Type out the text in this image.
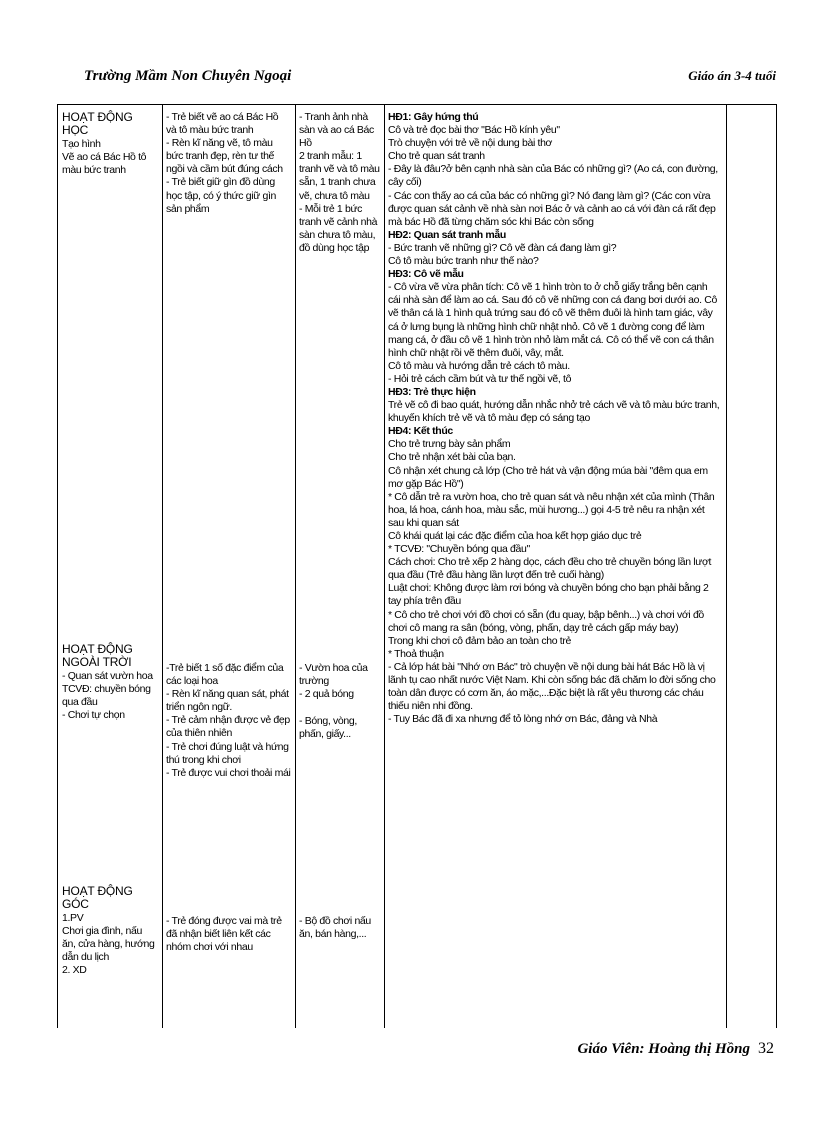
Trường Mầm Non Chuyên Ngoại	Giáo án 3-4 tuổi

HOẠT ĐỘNG HỌC

Tạo hình

Vẽ ao cá Bác Hồ tô màu bức tranh

HOẠT ĐỘNG NGOÀI TRỜI

- Quan sát vườn hoa

TCVĐ: chuyền bóng qua đầu

- Chơi tự chọn

HOẠT ĐỘNG GÓC

1.PV

Chơi gia đình, nấu ăn, cửa hàng, hướng dẫn du lịch

2. XD

- Trẻ biết vẽ ao cá Bác Hồ và tô màu bức tranh

- Rèn kĩ năng vẽ, tô màu bức tranh đẹp, rèn tư thế ngồi và cầm bút đúng cách

- Trẻ biết giữ gìn đồ dùng học tập, có ý thức giữ gìn sản phẩm

-Trẻ biết 1 số đặc điểm của các loại hoa

- Rèn kĩ năng quan sát, phát triển ngôn ngữ.

- Trẻ cảm nhận được vẻ đẹp của thiên nhiên

- Trẻ chơi đúng luật và hứng thú trong khi chơi

- Trẻ được vui chơi thoải mái

- Trẻ đóng được vai mà trẻ đã nhận biết liên kết các nhóm chơi với nhau

- Tranh ảnh nhà sàn và ao cá Bác Hồ

2 tranh mẫu: 1 tranh vẽ và tô màu sẵn, 1 tranh chưa vẽ, chưa tô màu

- Mỗi trẻ 1 bức tranh vẽ cảnh nhà sàn chưa tô màu, đồ dùng học tập

- Vườn hoa của trường

- 2 quả bóng

- Bóng, vòng, phấn, giấy...

- Bộ đồ chơi nấu ăn, bán hàng,...

HĐ1: Gây hứng thú

Cô và trẻ đọc bài thơ "Bác Hồ kính yêu"

Trò chuyện với trẻ về nội dung bài thơ

Cho trẻ quan sát tranh

- Đây là đâu?ở bên cạnh nhà sàn của Bác có những gì? (Ao cá, con đường, cây cối)

- Các con thấy ao cá của bác có những gì? Nó đang làm gì? (Các con vừa được quan sát cảnh về nhà sàn nơi Bác ở và cảnh ao cá với đàn cá rất đẹp mà bác Hồ đã từng chăm sóc khi Bác còn sống

HĐ2: Quan sát tranh mẫu

- Bức tranh vẽ những gì? Cô vẽ đàn cá đang làm gì?

Cô tô màu bức tranh như thế nào?

HĐ3: Cô vẽ mẫu

- Cô vừa vẽ vừa phân tích: Cô vẽ 1 hình tròn to ở chỗ giấy trắng bên cạnh cái nhà sàn để làm ao cá. Sau đó cô vẽ những con cá đang bơi dưới ao. Cô vẽ thân cá là 1 hình quả trứng sau đó cô vẽ thêm đuôi là hình tam giác, vây cá ở lưng bụng là những hình chữ nhật nhỏ. Cô vẽ 1 đường cong để làm mang cá, ở đầu cô vẽ 1 hình tròn nhỏ làm mắt cá. Cô có thể vẽ con cá thân hình chữ nhật rồi vẽ thêm đuôi, vây, mắt.

Cô tô màu và hướng dẫn trẻ cách tô màu.

- Hỏi trẻ cách cầm bút và tư thế ngồi vẽ, tô

HĐ3: Trẻ thực hiện

Trẻ vẽ cô đi bao quát, hướng dẫn nhắc nhở trẻ cách vẽ và tô màu bức tranh, khuyến khích trẻ vẽ và tô màu đẹp có sáng tạo

HĐ4: Kết thúc

Cho trẻ trưng bày sản phẩm

Cho trẻ nhận xét bài của bạn.

Cô nhận xét chung cả lớp (Cho trẻ hát và vận động múa bài "đêm qua em mơ gặp Bác Hồ")

* Cô dẫn trẻ ra vườn hoa, cho trẻ quan sát và nêu nhận xét của mình (Thân hoa, lá hoa, cánh hoa, màu sắc, mùi hương...) gọi 4-5 trẻ nêu ra nhận xét sau khi quan sát

Cô khái quát lại các đặc điểm của hoa kết hợp giáo dục trẻ

* TCVĐ: "Chuyền bóng qua đầu"

Cách chơi: Cho trẻ xếp 2 hàng dọc, cách đều cho trẻ chuyền bóng lần lượt qua đầu (Trẻ đầu hàng lần lượt đến trẻ cuối hàng)

Luật chơi: Không được làm rơi bóng và chuyền bóng cho bạn phải bằng 2 tay phía trên đầu

* Cô cho trẻ chơi với đồ chơi có sẵn (đu quay, bập bênh...) và chơi với đồ chơi cô mang ra sân (bóng, vòng, phấn, dạy trẻ cách gấp máy bay)

Trong khi chơi cô đảm bảo an toàn cho trẻ

* Thoả thuận

- Cả lớp hát bài "Nhớ ơn Bác" trò chuyện về nội dung bài hát Bác Hồ là vị lãnh tụ cao nhất nước Việt Nam. Khi còn sống bác đã chăm lo đời sống cho toàn dân được có cơm ăn, áo mặc,...Đặc biệt là rất yêu thương các cháu thiếu niên nhi đồng.

- Tuy Bác đã đi xa nhưng để tỏ lòng nhớ ơn Bác, đảng và Nhà

Giáo Viên: Hoàng thị Hồng 32
